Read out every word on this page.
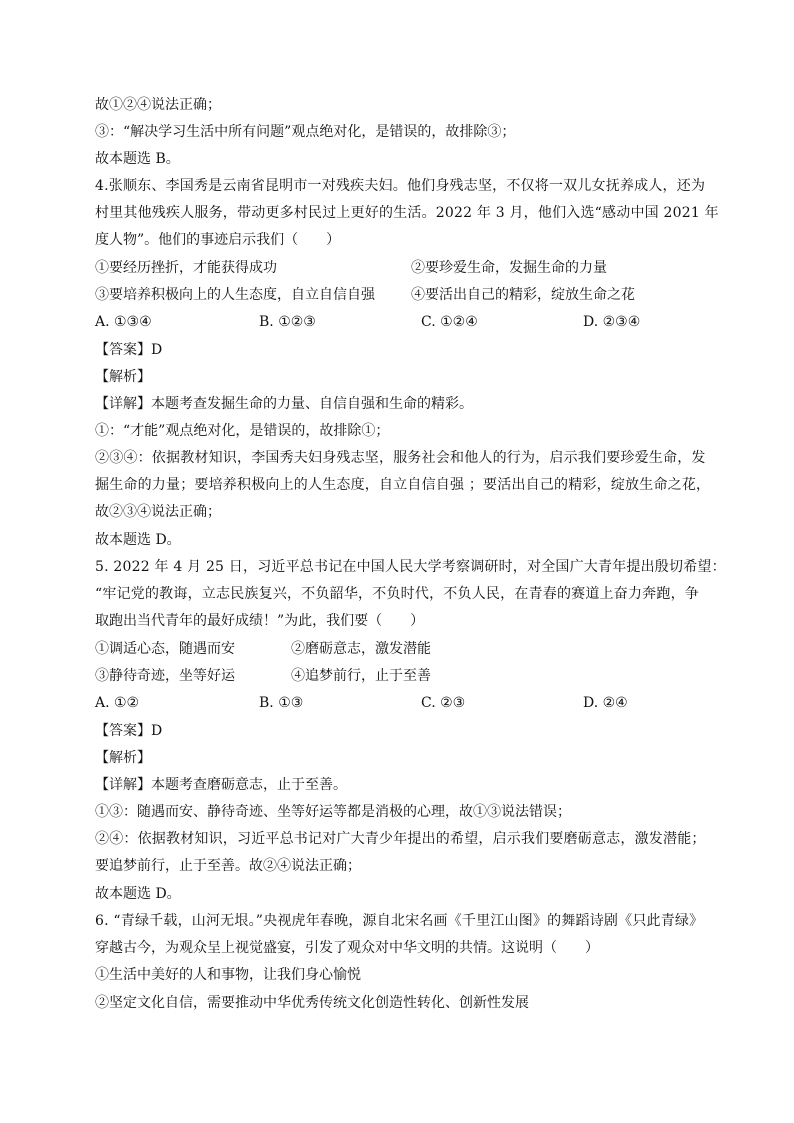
故①②④说法正确；
③：“解决学习生活中所有问题”观点绝对化，是错误的，故排除③；
故本题选 B。
4.张顺东、李国秀是云南省昆明市一对残疾夫妇。他们身残志坚，不仅将一双儿女抚养成人，还为
村里其他残疾人服务，带动更多村民过上更好的生活。2022 年 3 月，他们入选“感动中国 2021 年
度人物”。他们的事迹启示我们（　　）
①要经历挫折，才能获得成功	②要珍爱生命，发掘生命的力量
③要培养积极向上的人生态度，自立自信自强	④要活出自己的精彩，绽放生命之花
A. ①③④	B. ①②③	C. ①②④	D. ②③④
【答案】D
【解析】
【详解】本题考查发掘生命的力量、自信自强和生命的精彩。
①：“才能”观点绝对化，是错误的，故排除①；
②③④：依据教材知识，李国秀夫妇身残志坚，服务社会和他人的行为，启示我们要珍爱生命，发
掘生命的力量；要培养积极向上的人生态度，自立自信自强 ；要活出自己的精彩，绽放生命之花，
故②③④说法正确；
故本题选 D。
5. 2022 年 4 月 25 日，习近平总书记在中国人民大学考察调研时，对全国广大青年提出殷切希望：
“牢记党的教诲，立志民族复兴，不负韶华，不负时代，不负人民，在青春的赛道上奋力奔跑，争
取跑出当代青年的最好成绩！”为此，我们要（　　）
①调适心态，随遇而安	②磨砺意志，激发潜能
③静待奇迹，坐等好运	④追梦前行，止于至善
A. ①②	B. ①③	C. ②③	D. ②④
【答案】D
【解析】
【详解】本题考查磨砺意志，止于至善。
①③：随遇而安、静待奇迹、坐等好运等都是消极的心理，故①③说法错误；
②④：依据教材知识，习近平总书记对广大青少年提出的希望，启示我们要磨砺意志，激发潜能；
要追梦前行，止于至善。故②④说法正确；
故本题选 D。
6. “青绿千载，山河无垠。”央视虎年春晚，源自北宋名画《千里江山图》的舞蹈诗剧《只此青绿》
穿越古今，为观众呈上视觉盛宴，引发了观众对中华文明的共情。这说明（　　）
①生活中美好的人和事物，让我们身心愉悦
②坚定文化自信，需要推动中华优秀传统文化创造性转化、创新性发展
